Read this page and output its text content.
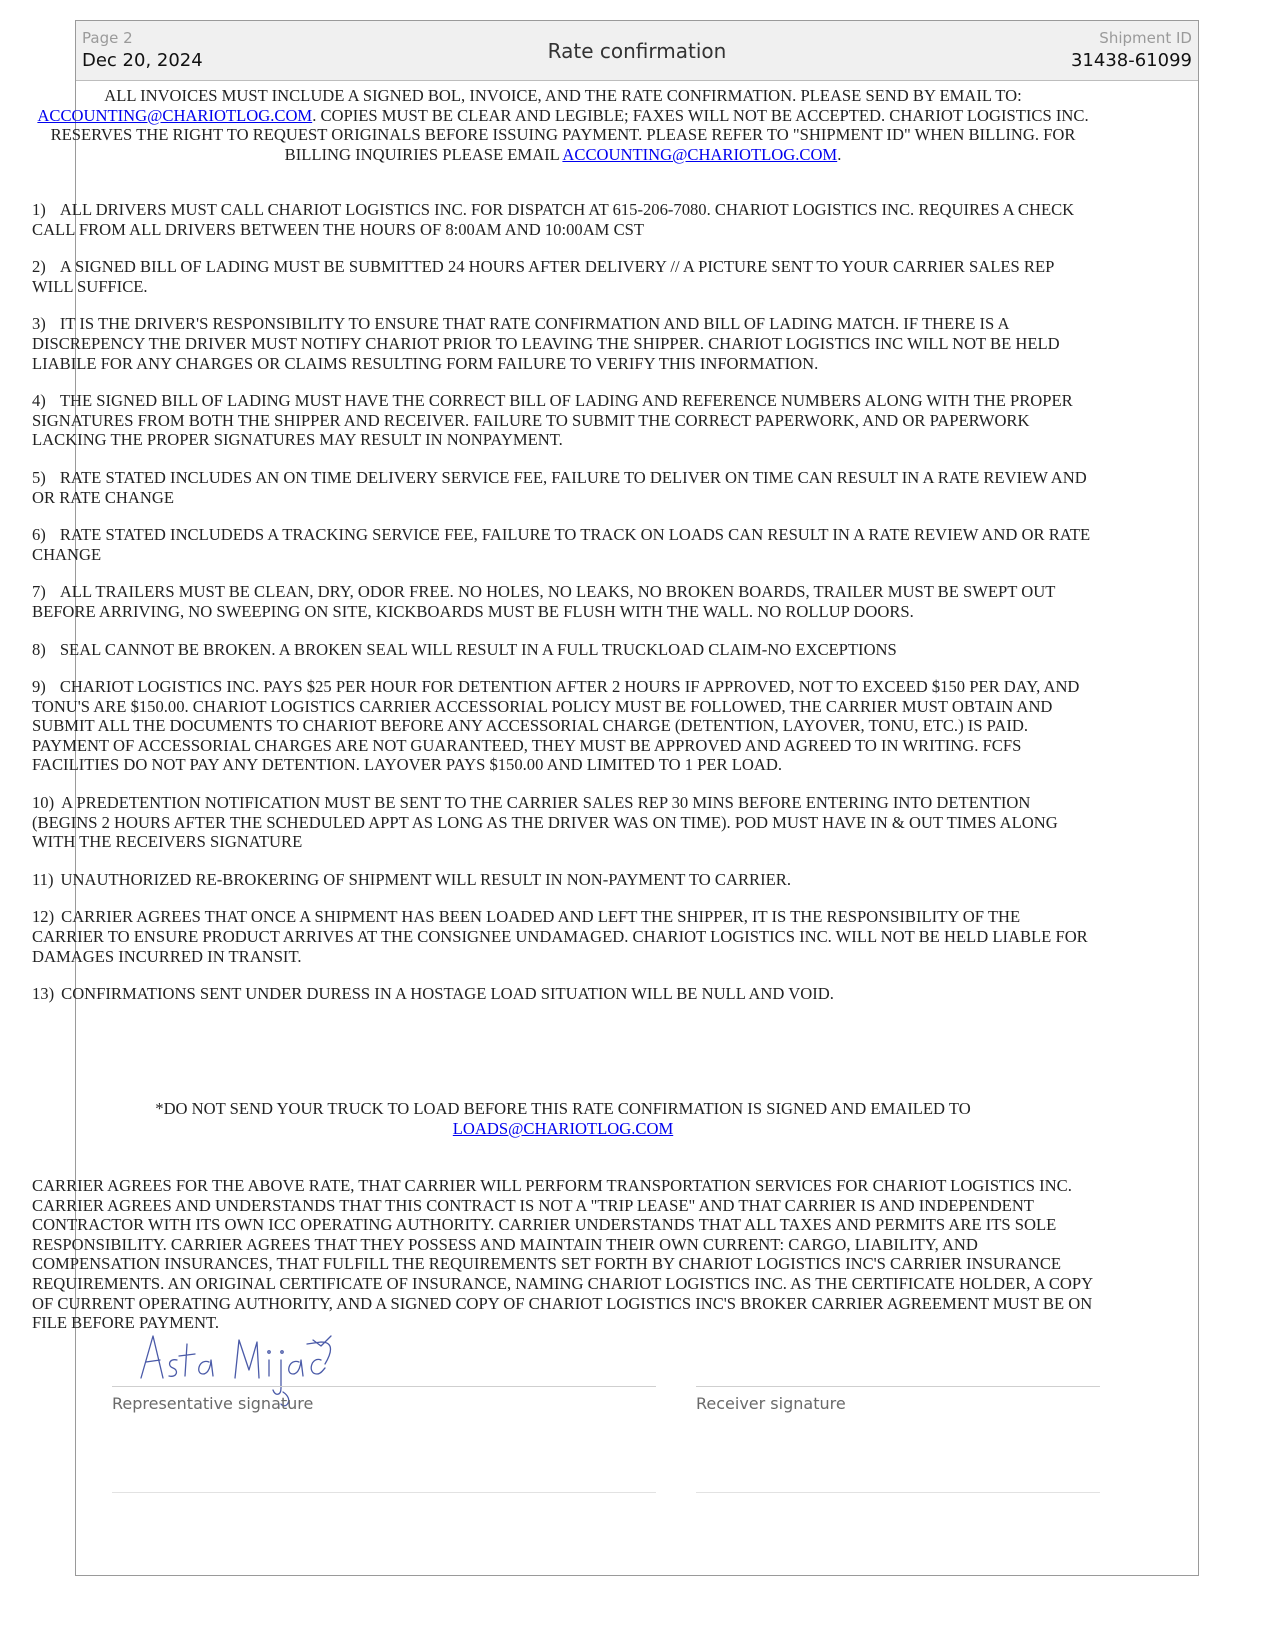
Page 2
Dec 20, 2024	Rate confirmation
Shipment ID
31438-61099
ALL INVOICES MUST INCLUDE A SIGNED BOL, INVOICE, AND THE RATE CONFIRMATION. PLEASE SEND BY EMAIL TO: ACCOUNTING@CHARIOTLOG.COM. COPIES MUST BE CLEAR AND LEGIBLE; FAXES WILL NOT BE ACCEPTED. CHARIOT LOGISTICS INC. RESERVES THE RIGHT TO REQUEST ORIGINALS BEFORE ISSUING PAYMENT. PLEASE REFER TO "SHIPMENT ID" WHEN BILLING. FOR BILLING INQUIRIES PLEASE EMAIL ACCOUNTING@CHARIOTLOG.COM.
1) ALL DRIVERS MUST CALL CHARIOT LOGISTICS INC. FOR DISPATCH AT 615-206-7080. CHARIOT LOGISTICS INC. REQUIRES A CHECK CALL FROM ALL DRIVERS BETWEEN THE HOURS OF 8:00AM AND 10:00AM CST
2) A SIGNED BILL OF LADING MUST BE SUBMITTED 24 HOURS AFTER DELIVERY // A PICTURE SENT TO YOUR CARRIER SALES REP WILL SUFFICE.
3) IT IS THE DRIVER'S RESPONSIBILITY TO ENSURE THAT RATE CONFIRMATION AND BILL OF LADING MATCH. IF THERE IS A DISCREPENCY THE DRIVER MUST NOTIFY CHARIOT PRIOR TO LEAVING THE SHIPPER. CHARIOT LOGISTICS INC WILL NOT BE HELD LIABILE FOR ANY CHARGES OR CLAIMS RESULTING FORM FAILURE TO VERIFY THIS INFORMATION.
4) THE SIGNED BILL OF LADING MUST HAVE THE CORRECT BILL OF LADING AND REFERENCE NUMBERS ALONG WITH THE PROPER SIGNATURES FROM BOTH THE SHIPPER AND RECEIVER. FAILURE TO SUBMIT THE CORRECT PAPERWORK, AND OR PAPERWORK LACKING THE PROPER SIGNATURES MAY RESULT IN NONPAYMENT.
5) RATE STATED INCLUDES AN ON TIME DELIVERY SERVICE FEE, FAILURE TO DELIVER ON TIME CAN RESULT IN A RATE REVIEW AND OR RATE CHANGE
6) RATE STATED INCLUDEDS A TRACKING SERVICE FEE, FAILURE TO TRACK ON LOADS CAN RESULT IN A RATE REVIEW AND OR RATE CHANGE
7) ALL TRAILERS MUST BE CLEAN, DRY, ODOR FREE. NO HOLES, NO LEAKS, NO BROKEN BOARDS, TRAILER MUST BE SWEPT OUT BEFORE ARRIVING, NO SWEEPING ON SITE, KICKBOARDS MUST BE FLUSH WITH THE WALL. NO ROLLUP DOORS.
8) SEAL CANNOT BE BROKEN. A BROKEN SEAL WILL RESULT IN A FULL TRUCKLOAD CLAIM-NO EXCEPTIONS
9) CHARIOT LOGISTICS INC. PAYS $25 PER HOUR FOR DETENTION AFTER 2 HOURS IF APPROVED, NOT TO EXCEED $150 PER DAY, AND TONU'S ARE $150.00. CHARIOT LOGISTICS CARRIER ACCESSORIAL POLICY MUST BE FOLLOWED, THE CARRIER MUST OBTAIN AND SUBMIT ALL THE DOCUMENTS TO CHARIOT BEFORE ANY ACCESSORIAL CHARGE (DETENTION, LAYOVER, TONU, ETC.) IS PAID. PAYMENT OF ACCESSORIAL CHARGES ARE NOT GUARANTEED, THEY MUST BE APPROVED AND AGREED TO IN WRITING. FCFS FACILITIES DO NOT PAY ANY DETENTION. LAYOVER PAYS $150.00 AND LIMITED TO 1 PER LOAD.
10) A PREDETENTION NOTIFICATION MUST BE SENT TO THE CARRIER SALES REP 30 MINS BEFORE ENTERING INTO DETENTION (BEGINS 2 HOURS AFTER THE SCHEDULED APPT AS LONG AS THE DRIVER WAS ON TIME). POD MUST HAVE IN & OUT TIMES ALONG WITH THE RECEIVERS SIGNATURE
11) UNAUTHORIZED RE-BROKERING OF SHIPMENT WILL RESULT IN NON-PAYMENT TO CARRIER.
12) CARRIER AGREES THAT ONCE A SHIPMENT HAS BEEN LOADED AND LEFT THE SHIPPER, IT IS THE RESPONSIBILITY OF THE CARRIER TO ENSURE PRODUCT ARRIVES AT THE CONSIGNEE UNDAMAGED. CHARIOT LOGISTICS INC. WILL NOT BE HELD LIABLE FOR DAMAGES INCURRED IN TRANSIT.
13) CONFIRMATIONS SENT UNDER DURESS IN A HOSTAGE LOAD SITUATION WILL BE NULL AND VOID.
*DO NOT SEND YOUR TRUCK TO LOAD BEFORE THIS RATE CONFIRMATION IS SIGNED AND EMAILED TO
LOADS@CHARIOTLOG.COM
CARRIER AGREES FOR THE ABOVE RATE, THAT CARRIER WILL PERFORM TRANSPORTATION SERVICES FOR CHARIOT LOGISTICS INC. CARRIER AGREES AND UNDERSTANDS THAT THIS CONTRACT IS NOT A "TRIP LEASE" AND THAT CARRIER IS AND INDEPENDENT CONTRACTOR WITH ITS OWN ICC OPERATING AUTHORITY. CARRIER UNDERSTANDS THAT ALL TAXES AND PERMITS ARE ITS SOLE RESPONSIBILITY. CARRIER AGREES THAT THEY POSSESS AND MAINTAIN THEIR OWN CURRENT: CARGO, LIABILITY, AND COMPENSATION INSURANCES, THAT FULFILL THE REQUIREMENTS SET FORTH BY CHARIOT LOGISTICS INC'S CARRIER INSURANCE REQUIREMENTS. AN ORIGINAL CERTIFICATE OF INSURANCE, NAMING CHARIOT LOGISTICS INC. AS THE CERTIFICATE HOLDER, A COPY OF CURRENT OPERATING AUTHORITY, AND A SIGNED COPY OF CHARIOT LOGISTICS INC'S BROKER CARRIER AGREEMENT MUST BE ON FILE BEFORE PAYMENT.
Representative signature	Receiver signature
